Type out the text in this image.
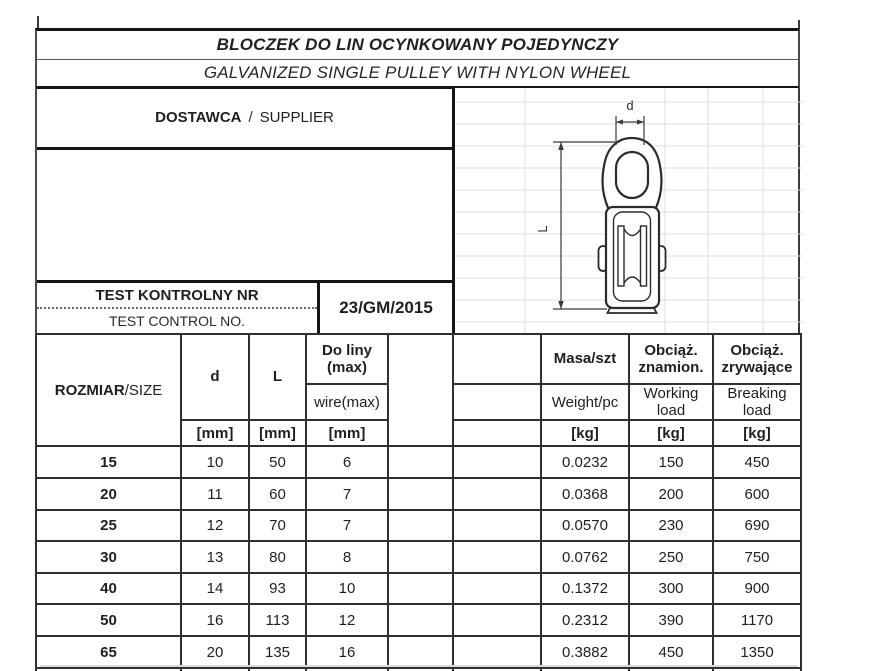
BLOCZEK DO LIN OCYNKOWANY POJEDYNCZY
GALVANIZED SINGLE PULLEY WITH NYLON WHEEL
DOSTAWCA / SUPPLIER
TEST KONTROLNY NR
TEST CONTROL NO.
23/GM/2015
d
L
ROZMIAR/SIZE	d	L	Do liny (max)			Masa/szt	Obciąż. znamion.	Obciąż. zrywające
			wire(max)			Weight/pc	Working load	Breaking load
	[mm]	[mm]	[mm]			[kg]	[kg]	[kg]
15	10	50	6			0.0232	150	450
20	11	60	7			0.0368	200	600
25	12	70	7			0.0570	230	690
30	13	80	8			0.0762	250	750
40	14	93	10			0.1372	300	900
50	16	113	12			0.2312	390	1170
65	20	135	16			0.3882	450	1350
